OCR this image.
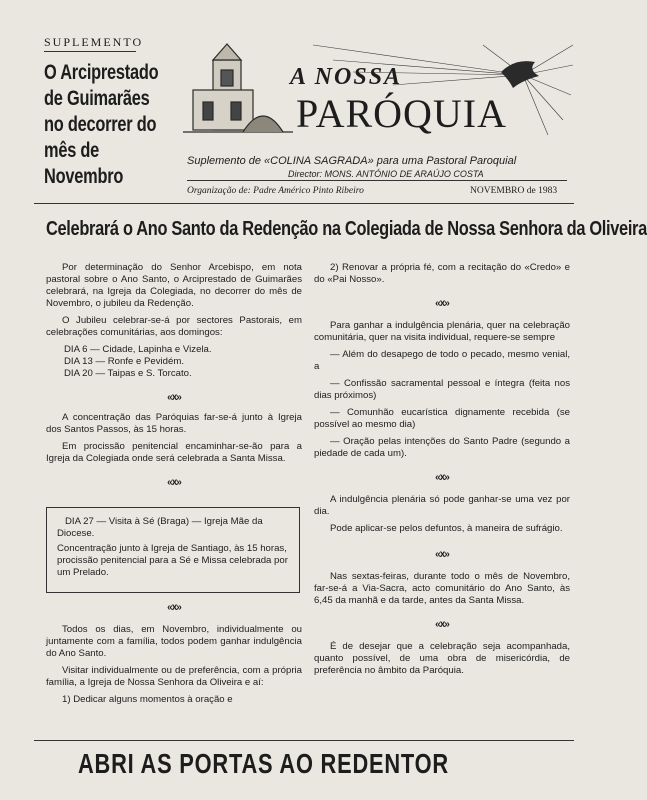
SUPLEMENTO
O Arciprestado de Guimarães no decorrer do mês de Novembro
A NOSSA
PARÓQUIA
Suplemento de «COLINA SAGRADA» para uma Pastoral Paroquial
Director: MONS. ANTÓNIO DE ARAÚJO COSTA
Organização de: Padre Américo Pinto Ribeiro	NOVEMBRO de 1983
Celebrará o Ano Santo da Redenção na Colegiada de Nossa Senhora da Oliveira

Por determinação do Senhor Arcebispo, em nota pastoral sobre o Ano Santo, o Arciprestado de Guimarães celebrará, na Igreja da Colegiada, no decorrer do mês de Novembro, o jubileu da Redenção.

O Jubileu celebrar-se-á por sectores Pastorais, em celebrações comunitárias, aos domingos:

DIA 6 — Cidade, Lapinha e Vizela.
DIA 13 — Ronfe e Pevidém.
DIA 20 — Taipas e S. Torcato.
«x»

A concentração das Paróquias far-se-á junto à Igreja dos Santos Passos, às 15 horas.

Em procissão penitencial encaminhar-se-ão para a Igreja da Colegiada onde será celebrada a Santa Missa.

«x»
DIA 27 — Visita à Sé (Braga) — Igreja Mãe da Diocese.
Concentração junto à Igreja de Santiago, às 15 horas, procissão penitencial para a Sé e Missa celebrada por um Prelado.
«x»

Todos os dias, em Novembro, individualmente ou juntamente com a família, todos podem ganhar indulgência do Ano Santo.

Visitar individualmente ou de preferência, com a própria família, a Igreja de Nossa Senhora da Oliveira e aí:

1) Dedicar alguns momentos à oração e

2) Renovar a própria fé, com a recitação do «Credo» e do «Pai Nosso».

«x»

Para ganhar a indulgência plenária, quer na celebração comunitária, quer na visita individual, requere-se sempre

— Além do desapego de todo o pecado, mesmo venial, a

— Confissão sacramental pessoal e íntegra (feita nos dias próximos)

— Comunhão eucarística dignamente recebida (se possível ao mesmo dia)

— Oração pelas intenções do Santo Padre (segundo a piedade de cada um).

«x»

A indulgência plenária só pode ganhar-se uma vez por dia.

Pode aplicar-se pelos defuntos, à maneira de sufrágio.

«x»

Nas sextas-feiras, durante todo o mês de Novembro, far-se-á a Via-Sacra, acto comunitário do Ano Santo, às 6,45 da manhã e da tarde, antes da Santa Missa.

«x»

É de desejar que a celebração seja acompanhada, quanto possível, de uma obra de misericórdia, de preferência no âmbito da Paróquia.

ABRI AS PORTAS AO REDENTOR
